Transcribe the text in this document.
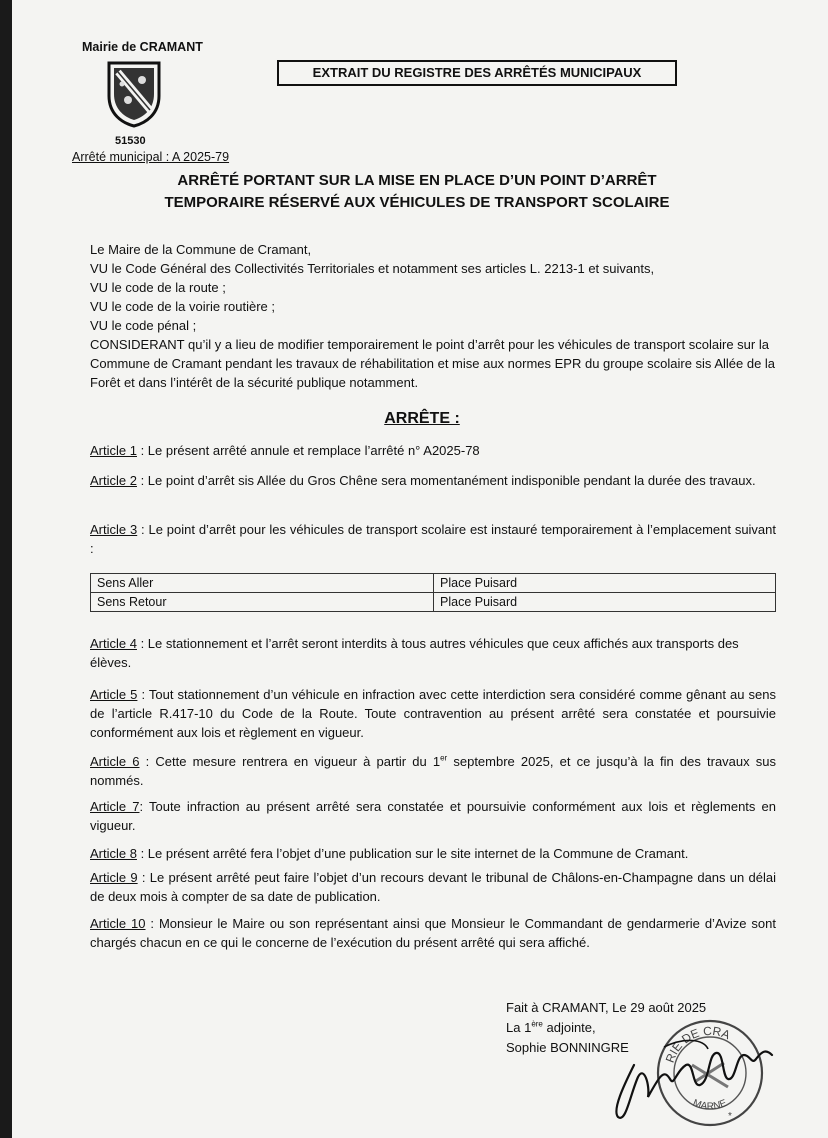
Mairie de CRAMANT
51530
Arrêté municipal : A 2025-79
EXTRAIT DU REGISTRE DES ARRÊTÉS MUNICIPAUX
ARRÊTÉ PORTANT SUR LA MISE EN PLACE D’UN POINT D’ARRÊT
TEMPORAIRE RÉSERVÉ AUX VÉHICULES DE TRANSPORT SCOLAIRE
Le Maire de la Commune de Cramant,
VU le Code Général des Collectivités Territoriales et notamment ses articles L. 2213-1 et suivants,
VU le code de la route ;
VU le code de la voirie routière ;
VU le code pénal ;
CONSIDERANT qu’il y a lieu de modifier temporairement le point d’arrêt pour les véhicules de transport scolaire sur la Commune de Cramant pendant les travaux de réhabilitation et mise aux normes EPR du groupe scolaire sis Allée de la Forêt et dans l’intérêt de la sécurité publique notamment.
ARRÊTE :
Article 1 : Le présent arrêté annule et remplace l’arrêté n° A2025-78
Article 2 : Le point d’arrêt sis Allée du Gros Chêne sera momentanément indisponible pendant la durée des travaux.
Article 3 : Le point d’arrêt pour les véhicules de transport scolaire est instauré temporairement à l’emplacement suivant :
Sens Aller	Place Puisard
Sens Retour	Place Puisard
Article 4 : Le stationnement et l’arrêt seront interdits à tous autres véhicules que ceux affichés aux transports des élèves.
Article 5 : Tout stationnement d’un véhicule en infraction avec cette interdiction sera considéré comme gênant au sens de l’article R.417-10 du Code de la Route. Toute contravention au présent arrêté sera constatée et poursuivie conformément aux lois et règlement en vigueur.
Article 6 : Cette mesure rentrera en vigueur à partir du 1er septembre 2025, et ce jusqu’à la fin des travaux sus nommés.
Article 7: Toute infraction au présent arrêté sera constatée et poursuivie conformément aux lois et règlements en vigueur.
Article 8 : Le présent arrêté fera l’objet d’une publication sur le site internet de la Commune de Cramant.
Article 9 : Le présent arrêté peut faire l’objet d’un recours devant le tribunal de Châlons-en-Champagne dans un délai de deux mois à compter de sa date de publication.
Article 10 : Monsieur le Maire ou son représentant ainsi que Monsieur le Commandant de gendarmerie d’Avize sont chargés chacun en ce qui le concerne de l’exécution du présent arrêté qui sera affiché.
Fait à CRAMANT, Le 29 août 2025
La 1ère adjointe,
Sophie BONNINGRE
RIE DE CRA
MARNE
*
